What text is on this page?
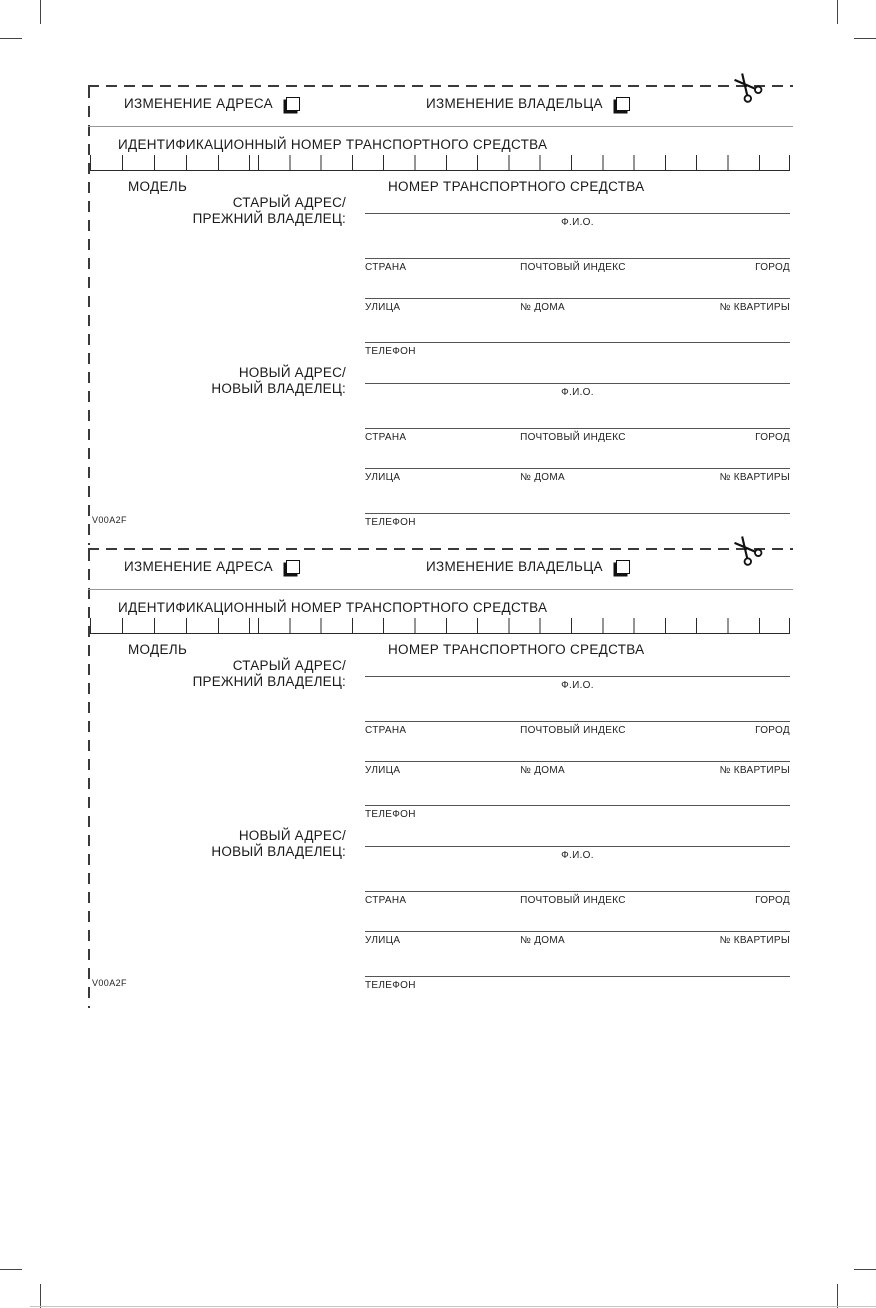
ИЗМЕНЕНИЕ АДРЕСА	ИЗМЕНЕНИЕ ВЛАДЕЛЬЦА
ИДЕНТИФИКАЦИОННЫЙ НОМЕР ТРАНСПОРТНОГО СРЕДСТВА
МОДЕЛЬ	НОМЕР ТРАНСПОРТНОГО СРЕДСТВА
СТАРЫЙ АДРЕС/
ПРЕЖНИЙ ВЛАДЕЛЕЦ:
НОВЫЙ АДРЕС/
НОВЫЙ ВЛАДЕЛЕЦ:
Ф.И.О.
СТРАНА	ПОЧТОВЫЙ ИНДЕКС	ГОРОД
УЛИЦА	№ ДОМА	№ КВАРТИРЫ
ТЕЛЕФОН
Ф.И.О.
СТРАНА	ПОЧТОВЫЙ ИНДЕКС	ГОРОД
УЛИЦА	№ ДОМА	№ КВАРТИРЫ
ТЕЛЕФОН
V00A2F
ИЗМЕНЕНИЕ АДРЕСА	ИЗМЕНЕНИЕ ВЛАДЕЛЬЦА
ИДЕНТИФИКАЦИОННЫЙ НОМЕР ТРАНСПОРТНОГО СРЕДСТВА
МОДЕЛЬ	НОМЕР ТРАНСПОРТНОГО СРЕДСТВА
СТАРЫЙ АДРЕС/
ПРЕЖНИЙ ВЛАДЕЛЕЦ:
НОВЫЙ АДРЕС/
НОВЫЙ ВЛАДЕЛЕЦ:
Ф.И.О.
СТРАНА	ПОЧТОВЫЙ ИНДЕКС	ГОРОД
УЛИЦА	№ ДОМА	№ КВАРТИРЫ
ТЕЛЕФОН
Ф.И.О.
СТРАНА	ПОЧТОВЫЙ ИНДЕКС	ГОРОД
УЛИЦА	№ ДОМА	№ КВАРТИРЫ
ТЕЛЕФОН
V00A2F
